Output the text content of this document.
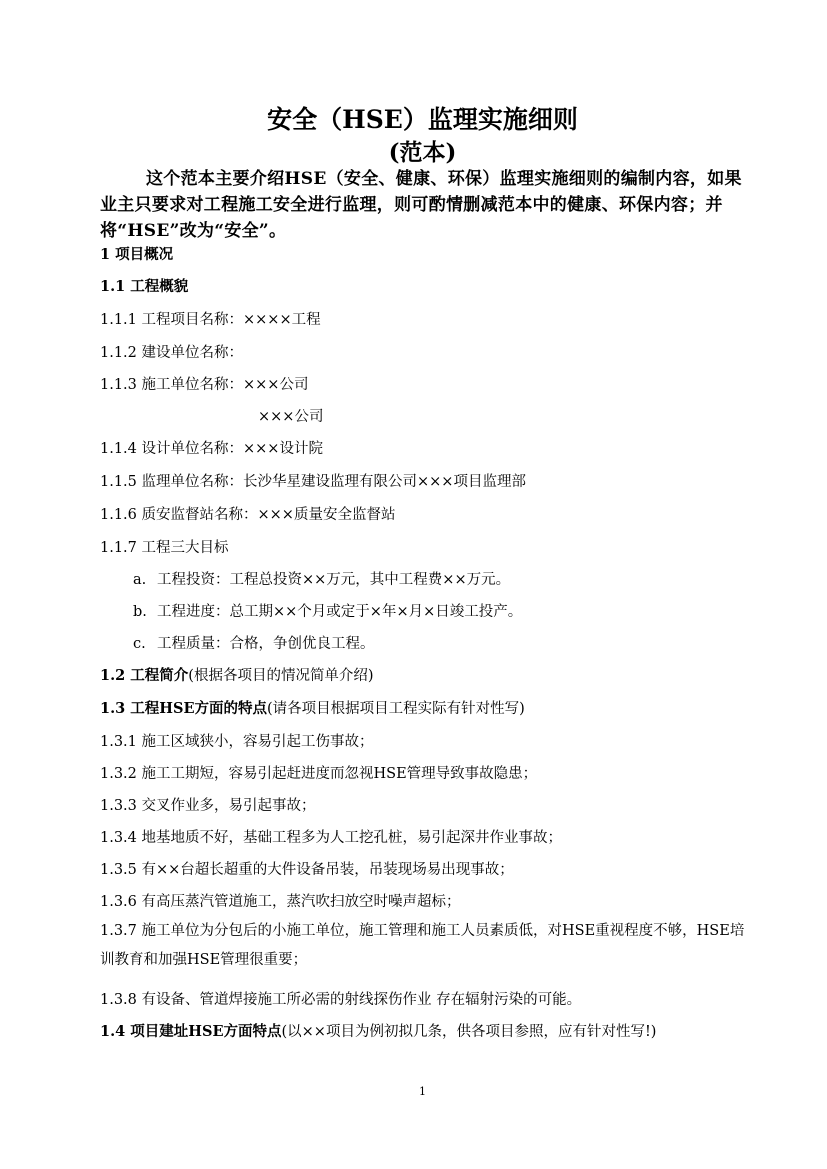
安全（HSE）监理实施细则
(范本)
这个范本主要介绍HSE（安全、健康、环保）监理实施细则的编制内容，如果业主只要求对工程施工安全进行监理，则可酌情删减范本中的健康、环保内容；并将“HSE”改为“安全”。
1 项目概况
1.1 工程概貌
1.1.1 工程项目名称：××××工程
1.1.2 建设单位名称：
1.1.3 施工单位名称：×××公司
×××公司
1.1.4 设计单位名称：×××设计院
1.1.5 监理单位名称：长沙华星建设监理有限公司×××项目监理部
1.1.6 质安监督站名称：×××质量安全监督站
1.1.7 工程三大目标
a. 工程投资：工程总投资××万元，其中工程费××万元。
b. 工程进度：总工期××个月或定于×年×月×日竣工投产。
c. 工程质量：合格，争创优良工程。
1.2 工程简介(根据各项目的情况简单介绍)
1.3 工程HSE方面的特点(请各项目根据项目工程实际有针对性写)
1.3.1 施工区域狭小，容易引起工伤事故；
1.3.2 施工工期短，容易引起赶进度而忽视HSE管理导致事故隐患；
1.3.3 交叉作业多，易引起事故；
1.3.4 地基地质不好，基础工程多为人工挖孔桩，易引起深井作业事故；
1.3.5 有××台超长超重的大件设备吊装，吊装现场易出现事故；
1.3.6 有高压蒸汽管道施工，蒸汽吹扫放空时噪声超标；
1.3.7 施工单位为分包后的小施工单位，施工管理和施工人员素质低，对HSE重视程度不够，HSE培训教育和加强HSE管理很重要；
1.3.8 有设备、管道焊接施工所必需的射线探伤作业 存在辐射污染的可能。
1.4 项目建址HSE方面特点(以××项目为例初拟几条，供各项目参照，应有针对性写!)
1
